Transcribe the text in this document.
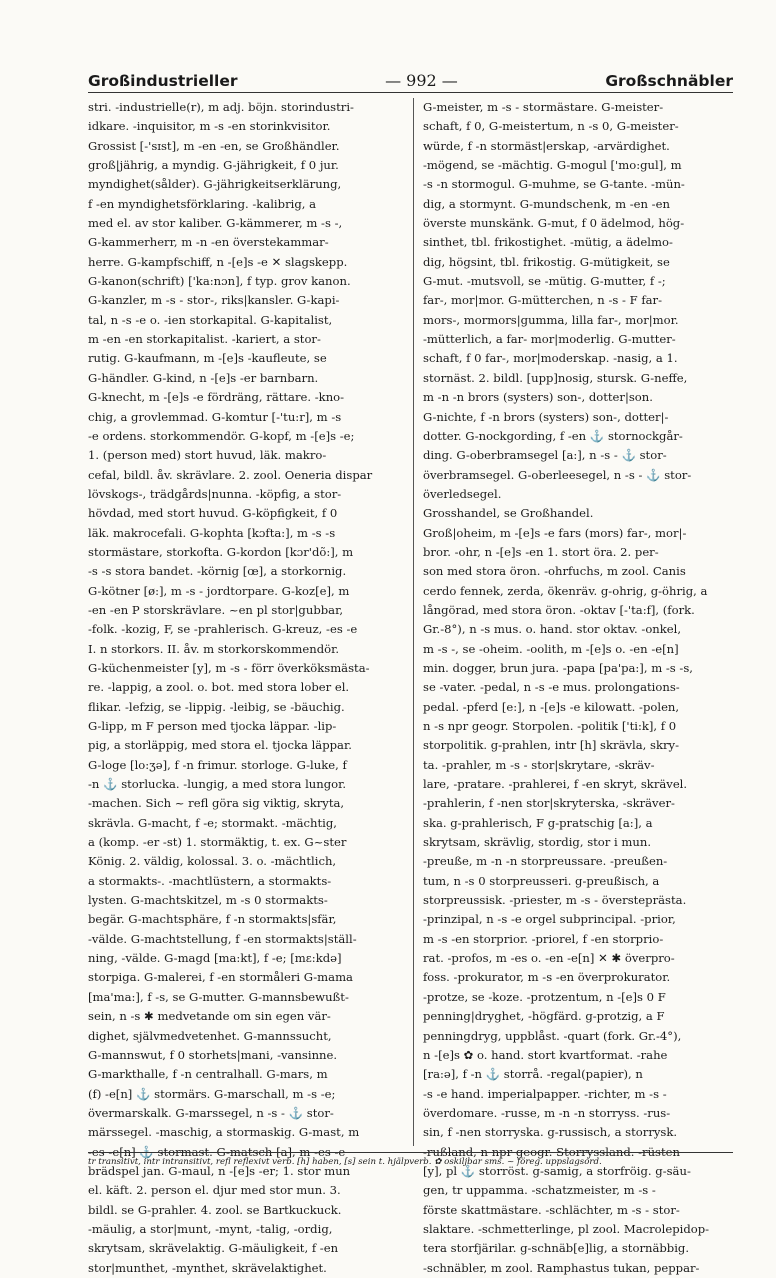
Großindustrieller	— 992 —	Großschnäbler
stri. -industrielle(r), m adj. böjn. storindustri-
idkare. -inquisitor, m -s -en storinkvisitor.
Grossist [-'sɪst], m -en -en, se Großhändler.
groß|jährig, a myndig. G-jährigkeit, f 0 jur.
myndighet(sålder). G-jährigkeitserklärung,
f -en myndighetsförklaring. -kalibrig, a
med el. av stor kaliber. G-kämmerer, m -s -,
G-kammerherr, m -n -en överstekammar-
herre. G-kampfschiff, n -[e]s -e ✕ slagskepp.
G-kanon(schrift) ['ka:nɔn], f typ. grov kanon.
G-kanzler, m -s - stor-, riks|kansler. G-kapi-
tal, n -s -e o. -ien storkapital. G-kapitalist,
m -en -en storkapitalist. -kariert, a stor-
rutig. G-kaufmann, m -[e]s -kaufleute, se
G-händler. G-kind, n -[e]s -er barnbarn.
G-knecht, m -[e]s -e fördräng, rättare. -kno-
chig, a grovlemmad. G-komtur [-'tu:r], m -s
-e ordens. storkommendör. G-kopf, m -[e]s -e;
1. (person med) stort huvud, läk. makro-
cefal, bildl. åv. skrävlare. 2. zool. Oeneria dispar
lövskogs-, trädgårds|nunna. -köpfig, a stor-
hövdad, med stort huvud. G-köpfigkeit, f 0
läk. makrocefali. G-kophta [kɔfta:], m -s -s
stormästare, storkofta. G-kordon [kɔr'dõ:], m
-s -s stora bandet. -körnig [œ], a storkornig.
G-kötner [ø:], m -s - jordtorpare. G-koz[e], m
-en -en P storskrävlare. ~en pl stor|gubbar,
-folk. -kozig, F, se -prahlerisch. G-kreuz, -es -e
I. n storkors. II. åv. m storkorskommendör.
G-küchenmeister [y], m -s - förr överköksmästa-
re. -lappig, a zool. o. bot. med stora lober el.
flikar. -lefzig, se -lippig. -leibig, se -bäuchig.
G-lipp, m F person med tjocka läppar. -lip-
pig, a storläppig, med stora el. tjocka läppar.
G-loge [lo:ʒə], f -n frimur. storloge. G-luke, f
-n ⚓ storlucka. -lungig, a med stora lungor.
-machen. Sich ~ refl göra sig viktig, skryta,
skrävla. G-macht, f -e; stormakt. -mächtig,
a (komp. -er -st) 1. stormäktig, t. ex. G~ster
König. 2. väldig, kolossal. 3. o. -mächtlich,
a stormakts-. -machtlüstern, a stormakts-
lysten. G-machtskitzel, m -s 0 stormakts-
begär. G-machtsphäre, f -n stormakts|sfär,
-välde. G-machtstellung, f -en stormakts|ställ-
ning, -välde. G-magd [ma:kt], f -e; [mɛ:kdə]
storpiga. G-malerei, f -en stormåleri G-mama
[ma'ma:], f -s, se G-mutter. G-mannsbewußt-
sein, n -s ✱ medvetande om sin egen vär-
dighet, självmedvetenhet. G-mannssucht,
G-mannswut, f 0 storhets|mani, -vansinne.
G-markthalle, f -n centralhall. G-mars, m
(f) -e[n] ⚓ stormärs. G-marschall, m -s -e;
övermarskalk. G-marssegel, n -s - ⚓ stor-
märssegel. -maschig, a stormaskig. G-mast, m
-es -e[n] ⚓ stormast. G-matsch [a], m -es -e
brädspel jan. G-maul, n -[e]s -er; 1. stor mun
el. käft. 2. person el. djur med stor mun. 3.
bildl. se G-prahler. 4. zool. se Bartkuckuck.
-mäulig, a stor|munt, -mynt, -talig, -ordig,
skrytsam, skrävelaktig. G-mäuligkeit, f -en
stor|munthet, -mynthet, skrävelaktighet.
G-meister, m -s - stormästare. G-meister-
schaft, f 0, G-meistertum, n -s 0, G-meister-
würde, f -n stormäst|erskap, -arvärdighet.
-mögend, se -mächtig. G-mogul ['mo:gul], m
-s -n stormogul. G-muhme, se G-tante. -mün-
dig, a stormynt. G-mundschenk, m -en -en
överste munskänk. G-mut, f 0 ädelmod, hög-
sinthet, tbl. frikostighet. -mütig, a ädelmo-
dig, högsint, tbl. frikostig. G-mütigkeit, se
G-mut. -mutsvoll, se -mütig. G-mutter, f -;
far-, mor|mor. G-mütterchen, n -s - F far-
mors-, mormors|gumma, lilla far-, mor|mor.
-mütterlich, a far- mor|moderlig. G-mutter-
schaft, f 0 far-, mor|moderskap. -nasig, a 1.
stornäst. 2. bildl. [upp]nosig, stursk. G-neffe,
m -n -n brors (systers) son-, dotter|son.
G-nichte, f -n brors (systers) son-, dotter|-
dotter. G-nockgording, f -en ⚓ stornockgår-
ding. G-oberbramsegel [a:], n -s - ⚓ stor-
överbramsegel. G-oberleesegel, n -s - ⚓ stor-
överledsegel.
Grosshandel, se Großhandel.
Groß|oheim, m -[e]s -e fars (mors) far-, mor|-
bror. -ohr, n -[e]s -en 1. stort öra. 2. per-
son med stora öron. -ohrfuchs, m zool. Canis
cerdo fennek, zerda, ökenräv. g-ohrig, g-öhrig, a
långörad, med stora öron. -oktav [-'ta:f], (fork.
Gr.-8°), n -s mus. o. hand. stor oktav. -onkel,
m -s -, se -oheim. -oolith, m -[e]s o. -en -e[n]
min. dogger, brun jura. -papa [pa'pa:], m -s -s,
se -vater. -pedal, n -s -e mus. prolongations-
pedal. -pferd [e:], n -[e]s -e kilowatt. -polen,
n -s npr geogr. Storpolen. -politik ['ti:k], f 0
storpolitik. g-prahlen, intr [h] skrävla, skry-
ta. -prahler, m -s - stor|skrytare, -skräv-
lare, -pratare. -prahlerei, f -en skryt, skrävel.
-prahlerin, f -nen stor|skryterska, -skräver-
ska. g-prahlerisch, F g-pratschig [a:], a
skrytsam, skrävlig, stordig, stor i mun.
-preuße, m -n -n storpreussare. -preußen-
tum, n -s 0 storpreusseri. g-preußisch, a
storpreussisk. -priester, m -s - översteprästa.
-prinzipal, n -s -e orgel subprincipal. -prior,
m -s -en storprior. -priorel, f -en storprio-
rat. -profos, m -es o. -en -e[n] ✕ ✱ överpro-
foss. -prokurator, m -s -en överprokurator.
-protze, se -koze. -protzentum, n -[e]s 0 F
penning|dryghet, -högfärd. g-protzig, a F
penningdryg, uppblåst. -quart (fork. Gr.-4°),
n -[e]s ✿ o. hand. stort kvartformat. -rahe
[ra:ə], f -n ⚓ storrå. -regal(papier), n
-s -e hand. imperialpapper. -richter, m -s -
överdomare. -russe, m -n -n storryss. -rus-
sin, f -nen storryska. g-russisch, a storrysk.
-rußland, n npr geogr. Storryssland. -rüsten
[y], pl ⚓ storröst. g-samig, a storfröig. g-säu-
gen, tr uppamma. -schatzmeister, m -s -
förste skattmästare. -schlächter, m -s - stor-
slaktare. -schmetterlinge, pl zool. Macrolepidop-
tera storfjärilar. g-schnäb[e]lig, a stornäbbig.
-schnäbler, m zool. Ramphastus tukan, peppar-
tr transitivt, intr intransitivt, refl reflexivt verb. [h] haben, [s] sein t. hjälpverb. ✿ oskiljbar sms. ~ föreg. uppslagsord.
